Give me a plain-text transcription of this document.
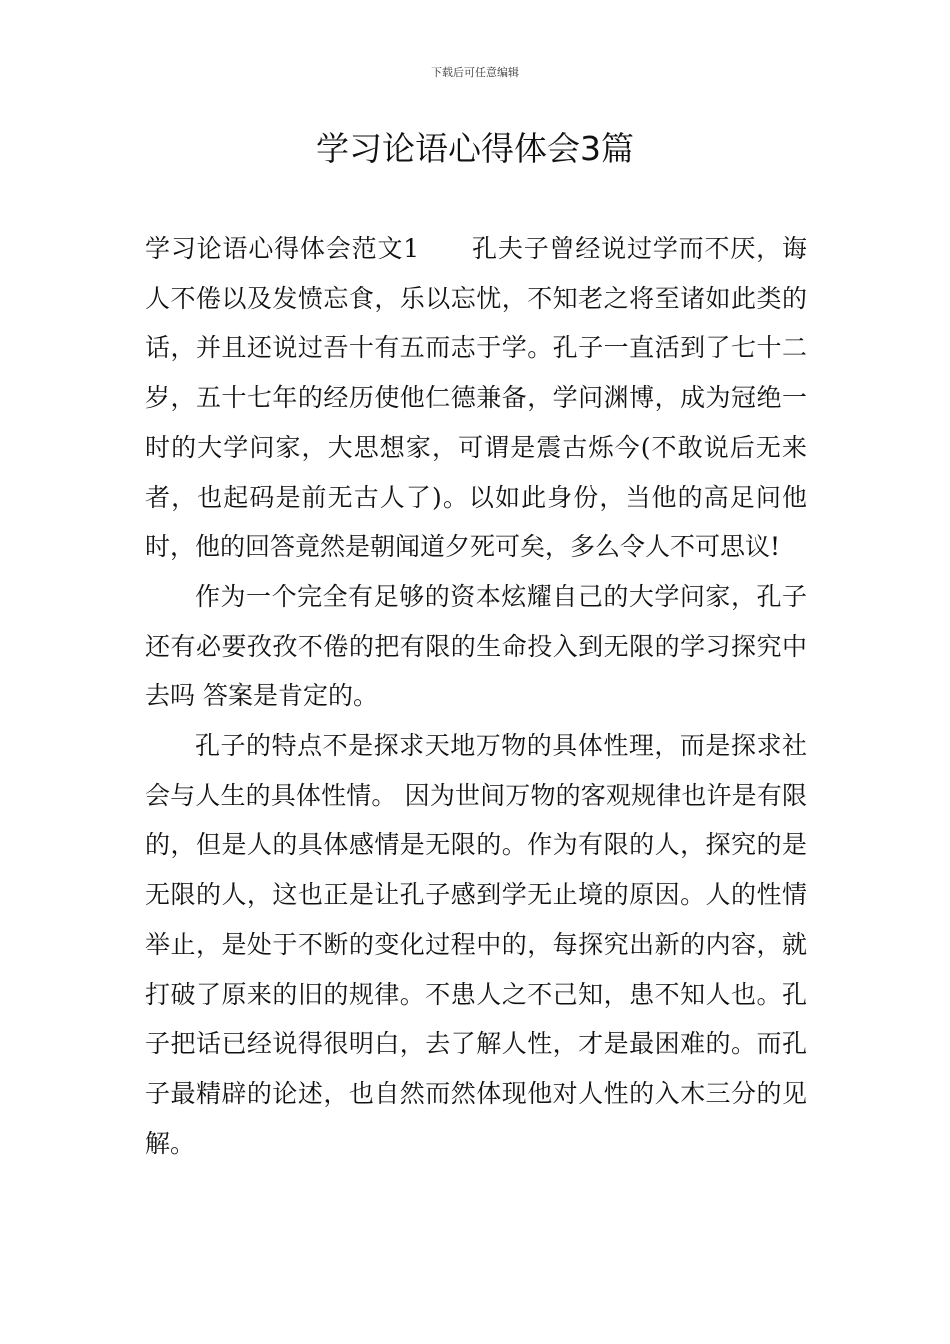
下载后可任意编辑
学习论语心得体会3篇

学习论语心得体会范文1 孔夫子曾经说过学而不厌，诲人不倦以及发愤忘食，乐以忘忧，不知老之将至诸如此类的话，并且还说过吾十有五而志于学。孔子一直活到了七十二岁，五十七年的经历使他仁德兼备，学问渊博，成为冠绝一时的大学问家，大思想家，可谓是震古烁今(不敢说后无来者，也起码是前无古人了)。以如此身份，当他的高足问他时，他的回答竟然是朝闻道夕死可矣，多么令人不可思议!

作为一个完全有足够的资本炫耀自己的大学问家，孔子还有必要孜孜不倦的把有限的生命投入到无限的学习探究中去吗 答案是肯定的。

孔子的特点不是探求天地万物的具体性理，而是探求社会与人生的具体性情。 因为世间万物的客观规律也许是有限的，但是人的具体感情是无限的。作为有限的人，探究的是无限的人，这也正是让孔子感到学无止境的原因。人的性情举止，是处于不断的变化过程中的，每探究出新的内容，就打破了原来的旧的规律。不患人之不己知，患不知人也。孔子把话已经说得很明白，去了解人性，才是最困难的。而孔子最精辟的论述，也自然而然体现他对人性的入木三分的见解。
